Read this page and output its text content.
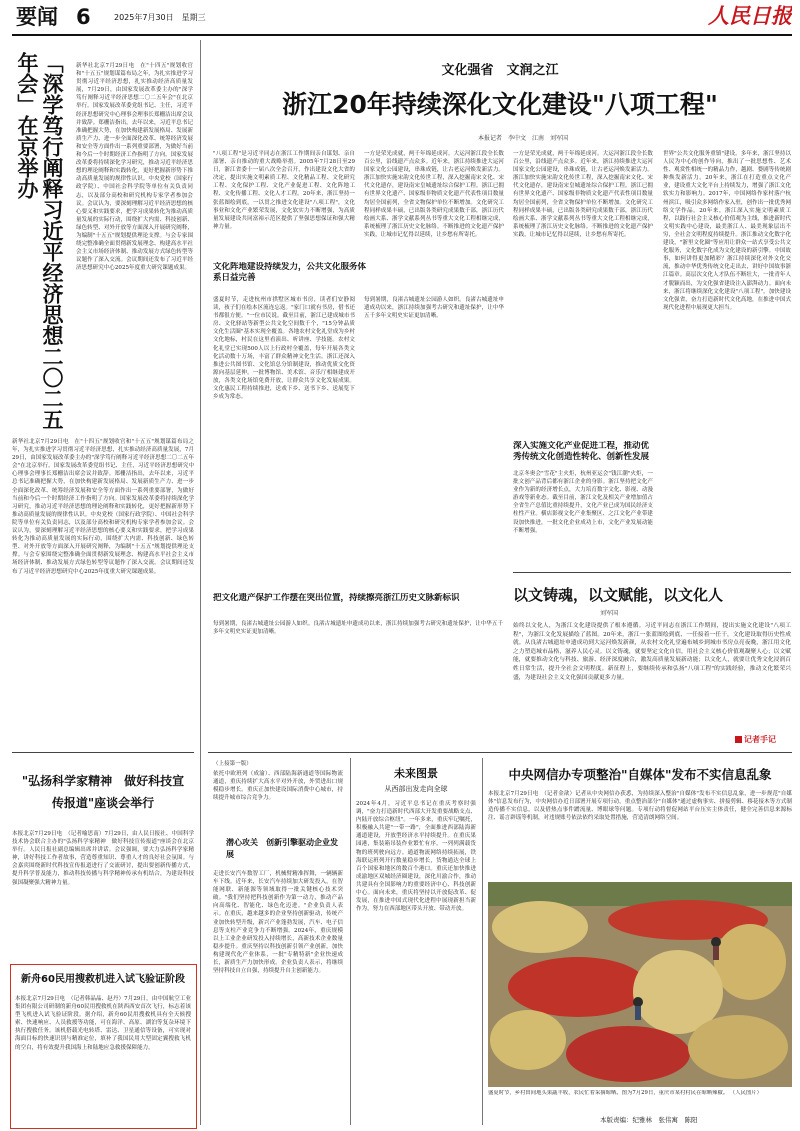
要闻 6	2025年7月30日　星期三	人民日报
「深学笃行阐释习近平经济思想二〇二五年会」在京举办	新华社北京7月29日电　在"十四五"规划收官和"十五五"规划谋篇布局之年，为扎实推进学习贯彻习近平经济思想，扎实推动经济高质量发展，7月29日，由国家发展改革委主办的"深学笃行阐释习近平经济思想二〇二五年会"在北京举行。国家发展改革委党组书记、主任，习近平经济思想研究中心理事会理事长郑栅洁出席会议并致辞。郑栅洁指出，去年以来，习近平总书记准确把握大势，在加快构建新发展格局、发展新质生产力、进一步全面深化改革、统筹经济发展和安全等方面作出一系列重要部署，为做好当前和今后一个时期经济工作指明了方向。国家发展改革委将持续深化学习研究，推动习近平经济思想的理论阐释和实践转化，更好把握新形势下推动高质量发展的规律性认识。中央党校（国家行政学院）、中国社会科学院等单位有关负责同志，以及部分高校和研究机构专家学者参加会议。会议认为，要深刻理解习近平经济思想的核心要义和实践要求，把学习成果转化为推动高质量发展的实际行动，围绕扩大内需、科技创新、绿色转型、对外开放等方面深入开展研究阐释，为编制"十五五"规划提供理论支撑。与会专家围绕完整准确全面贯彻新发展理念、构建高水平社会主义市场经济体制、推动发展方式绿色转型等议题作了深入交流。会议期间还发布了习近平经济思想研究中心2025年度重大研究课题成果。
新华社北京7月29日电　在"十四五"规划收官和"十五五"规划谋篇布局之年，为扎实推进学习贯彻习近平经济思想，扎实推动经济高质量发展，7月29日，由国家发展改革委主办的"深学笃行阐释习近平经济思想二〇二五年会"在北京举行。国家发展改革委党组书记、主任，习近平经济思想研究中心理事会理事长郑栅洁出席会议并致辞。郑栅洁指出，去年以来，习近平总书记准确把握大势，在加快构建新发展格局、发展新质生产力、进一步全面深化改革、统筹经济发展和安全等方面作出一系列重要部署，为做好当前和今后一个时期经济工作指明了方向。国家发展改革委将持续深化学习研究，推动习近平经济思想的理论阐释和实践转化，更好把握新形势下推动高质量发展的规律性认识。中央党校（国家行政学院）、中国社会科学院等单位有关负责同志，以及部分高校和研究机构专家学者参加会议。会议认为，要深刻理解习近平经济思想的核心要义和实践要求，把学习成果转化为推动高质量发展的实际行动，围绕扩大内需、科技创新、绿色转型、对外开放等方面深入开展研究阐释，为编制"十五五"规划提供理论支撑。与会专家围绕完整准确全面贯彻新发展理念、构建高水平社会主义市场经济体制、推动发展方式绿色转型等议题作了深入交流。会议期间还发布了习近平经济思想研究中心2025年度重大研究课题成果。
"弘扬科学家精神　做好科技宣传报道"座谈会举行
本报北京7月29日电　（记者喻思南）7月29日，由人民日报社、中国科学技术协会联合主办的"弘扬科学家精神　做好科技宣传报道"座谈会在北京举行。人民日报社副总编辑出席并讲话。会议强调，要大力弘扬科学家精神，讲好科技工作者故事，营造尊重知识、尊重人才的良好社会氛围。与会嘉宾围绕新时代科技宣传报道进行了交流研讨，提出要创新传播方式，提升科学普及能力，推动科技传播与科学精神传承有机结合，为建设科技强国凝聚强大精神力量。
新舟60民用搜救机进入试飞验证阶段
本报北京7月29日电　（记者韩晶晶、赵丹）7月29日，由中国航空工业集团有限公司研制的新舟60民用搜救机在陕西西安首次飞行，标志着该型飞机进入试飞验证阶段。据介绍，新舟60民用搜救机具有全天候搜索、快速响应、人员救援等功能，可在海洋、高原、湖泊等复杂环境下执行搜救任务。该机搭载光电转塔、雷达、卫星通信等设备，可实现对海面目标的快速识别与精准定位，填补了我国民用大型固定翼搜救飞机的空白，将有效提升我国海上和陆地应急救援保障能力。
文化强省　文润之江
浙江20年持续深化文化建设"八项工程"
本报记者　李中文　江南　刘军国
"八项工程"是习近平同志在浙江工作期间亲自谋划、亲自部署、亲自推动的重大战略举措。2005年7月28日至29日，浙江省委十一届八次全会召开，作出建设文化大省的决定，提出实施文明素质工程、文化精品工程、文化研究工程、文化保护工程、文化产业促进工程、文化阵地工程、文化传播工程、文化人才工程。20年来，浙江坚持一张蓝图绘到底，一以贯之推进文化建设"八项工程"，文化事业和文化产业繁荣发展，文化软实力不断增强，为高质量发展建设共同富裕示范区提供了坚强思想保证和强大精神力量。
一方是荣光成就，两千年绵延成河。大运河浙江段全长数百公里，沿线遗产点众多。近年来，浙江持续推进大运河国家文化公园建设，串珠成链，让古老运河焕发新活力。浙江加快实施宋韵文化传世工程，深入挖掘南宋文化、宋代文化遗存，建设南宋皇城遗址综合保护工程。浙江已拥有世界文化遗产、国家级非物质文化遗产代表性项目数量均居全国前列，全省文物保护单位不断增加。文化研究工程同样成果丰硕，已出版各类研究成果数千部，浙江历代绘画大系、浙学文献系列丛书等重大文化工程相继完成，系统梳理了浙江历史文化脉络。不断推进的文化遗产保护实践，让城市记忆得以延续，让乡愁有所寄托。
文化阵地建设持续发力，公共文化服务体系日益完善
盛夏时节，走进杭州市拱墅区城市书房，读者们安静阅读，孩子们在绘本区流连忘返。"家门口就有书房，借书还书都很方便。"一位市民说。截至目前，浙江已建成城市书房、文化驿站等新型公共文化空间数千个，"15分钟品质文化生活圈"基本实现全覆盖。各地农村文化礼堂成为乡村文化地标，村民在这里看演出、听讲座、学技能。农村文化礼堂已实现500人以上行政村全覆盖，每年开展各类文化活动数十万场，丰富了群众精神文化生活。浙江还深入推进公共图书馆、文化馆总分馆制建设，推动优质文化资源向基层延伸。一批博物馆、美术馆、音乐厅相继建成开放，各类文化场馆免费开放，让群众共享文化发展成果。文化惠民工程持续推进，送戏下乡、送书下乡、送展览下乡成为常态。
每到暑期，良渚古城遗址公园游人如织。良渚古城遗址申遗成功以来，浙江持续加强考古研究和遗址保护，让中华五千多年文明史实证更加清晰。
把文化遗产保护工作摆在突出位置，持续擦亮浙江历史文脉新标识
每到暑期，良渚古城遗址公园游人如织。良渚古城遗址申遗成功以来，浙江持续加强考古研究和遗址保护，让中华五千多年文明史实证更加清晰。
一方是荣光成就，两千年绵延成河。大运河浙江段全长数百公里，沿线遗产点众多。近年来，浙江持续推进大运河国家文化公园建设，串珠成链，让古老运河焕发新活力。浙江加快实施宋韵文化传世工程，深入挖掘南宋文化、宋代文化遗存，建设南宋皇城遗址综合保护工程。浙江已拥有世界文化遗产、国家级非物质文化遗产代表性项目数量均居全国前列，全省文物保护单位不断增加。文化研究工程同样成果丰硕，已出版各类研究成果数千部，浙江历代绘画大系、浙学文献系列丛书等重大文化工程相继完成，系统梳理了浙江历史文化脉络。不断推进的文化遗产保护实践，让城市记忆得以延续，让乡愁有所寄托。
深入实施文化产业促进工程，推动优秀传统文化创造性转化、创新性发展
北京冬奥会"雪花"主火炬，杭州亚运会"钱江潮"火炬，一批文创产品背后都有浙江企业的身影。浙江坚持把文化产业作为新的经济增长点，大力培育数字文化、影视、动漫游戏等新业态。截至目前，浙江文化及相关产业增加值占全省生产总值比重持续提升，文化产业已成为国民经济支柱性产业。横店影视文化产业集聚区、之江文化产业带建设加快推进，一批文化企业成功上市，文化产业发展动能不断增强。
世界"公共文化服务重镇"建设。多年来，浙江坚持以人民为中心的创作导向，推出了一批思想性、艺术性、观赏性相统一的精品力作，越剧、婺剧等传统剧种焕发新活力。20年来，浙江在打造重点文化产业，建设重大文化平台上持续发力，增强了浙江文化软实力和影响力。2017年，中国网络作家村落户杭州滨江，吸引众多网络作家入驻，创作出一批优秀网络文学作品。20年来，浙江深入实施文明素质工程，以践行社会主义核心价值观为主线，推进新时代文明实践中心建设，最美浙江人、最美现象层出不穷，全社会文明程度持续提升。浙江推动文化数字化建设，"浙里文化圈"等应用让群众一站式享受公共文化服务，文化数字化成为文化建设的新引擎。中国故事，如何讲得更加精彩？浙江持续深化对外文化交流，推动中华优秀传统文化走出去，讲好中国故事浙江篇章。高层次文化人才队伍不断壮大，一批青年人才脱颖而出，为文化强省建设注入澎湃动力。面向未来，浙江将继续深化文化建设"八项工程"，加快建设文化强省，奋力打造新时代文化高地，在推进中国式现代化进程中展现更大担当。
以文铸魂，以文赋能，以文化人
刘军国
始终以文化人，为浙江文化建设提供了根本遵循。习近平同志在浙江工作期间，提出实施文化建设"八项工程"，为浙江文化发展描绘了蓝图。20年来，浙江一张蓝图绘到底、一任接着一任干，文化建设取得历史性成就。从良渚古城遗址申遗成功到大运河焕发新颜，从农村文化礼堂遍布城乡到城市书房点亮夜晚，浙江用文化之力塑造城市品格，滋养人民心灵。以文铸魂，就要坚定文化自信，用社会主义核心价值观凝聚人心；以文赋能，就要推动文化与科技、旅游、经济深度融合，激发高质量发展新动能；以文化人，就要让优秀文化浸润百姓日常生活，提升全社会文明程度。新征程上，要继续传承和弘扬"八项工程"的实践经验，推动文化繁荣兴盛，为建设社会主义文化强国贡献更多力量。
记者手记
（上接第一版）
依托中欧班列（成渝）、西部陆海新通道等国际物流通道，重庆持续扩大高水平对外开放，外贸进出口规模稳步增长。重庆正加快建设国际消费中心城市，持续提升城市综合竞争力。
潜心攻关　创新引擎驱动企业发展
走进长安汽车数智工厂，机械臂精准挥舞，一辆辆新车下线。近年来，长安汽车持续加大研发投入，在智能网联、新能源等领域取得一批关键核心技术突破。"我们坚持把科技创新作为第一动力，推动产品向高端化、智能化、绿色化迈进。"企业负责人表示。在重庆，越来越多的企业坚持创新驱动，传统产业加快转型升级，新兴产业蓬勃发展，汽车、电子信息等支柱产业竞争力不断增强。2024年，重庆规模以上工业企业研发投入持续增长，高新技术企业数量稳步提升。重庆坚持以科技创新引领产业创新，加快构建现代化产业体系，一批"专精特新"企业快速成长，新质生产力加快形成。企业负责人表示，将继续坚持科技自立自强，持续提升自主创新能力。
未来图景
从西部出发走向全球
2024年4月，习近平总书记在重庆考察时强调，"奋力打造新时代西部大开发重要战略支点、内陆开放综合枢纽"。一年多来，重庆牢记嘱托，积极融入共建"一带一路"，全面推进西部陆海新通道建设，开放型经济水平持续提升。在重庆果园港，集装箱吊装作业繁忙有序，一列列满载货物的班列驶向远方。通道物流网络持续拓展，铁海联运班列开行数量稳步增长，货物通达全球上百个国家和地区的数百个港口。重庆还加快推进成渝地区双城经济圈建设，深化川渝合作，推动共建具有全国影响力的重要经济中心、科技创新中心。面向未来，重庆将坚持以开放促改革、促发展，在推进中国式现代化进程中展现新担当新作为，努力在西部地区带头开放、带动开放。
中央网信办专项整治"自媒体"发布不实信息乱象
本报北京7月29日电　（记者金歆）记者从中央网信办获悉，为持续深入整治"自媒体"发布不实信息乱象，进一步规范"自媒体"信息发布行为，中央网信办近日部署开展专项行动，重点整治部分"自媒体"通过虚构事实、拼接剪辑、移花接木等方式制造传播不实信息，以及借热点事件蹭流量、博眼球等问题。专项行动将督促网站平台压实主体责任，健全完善信息来源标注、谣言辟谣等机制，对违规账号依法依约采取处置措施，营造清朗网络空间。
盛夏时节，乡村田间地头果蔬丰收，农民忙着采摘晾晒。图为7月29日，重庆市某村村民在晾晒辣椒。 （人民图片）
本版责编：纪雅林　张伟寓　陈阳
